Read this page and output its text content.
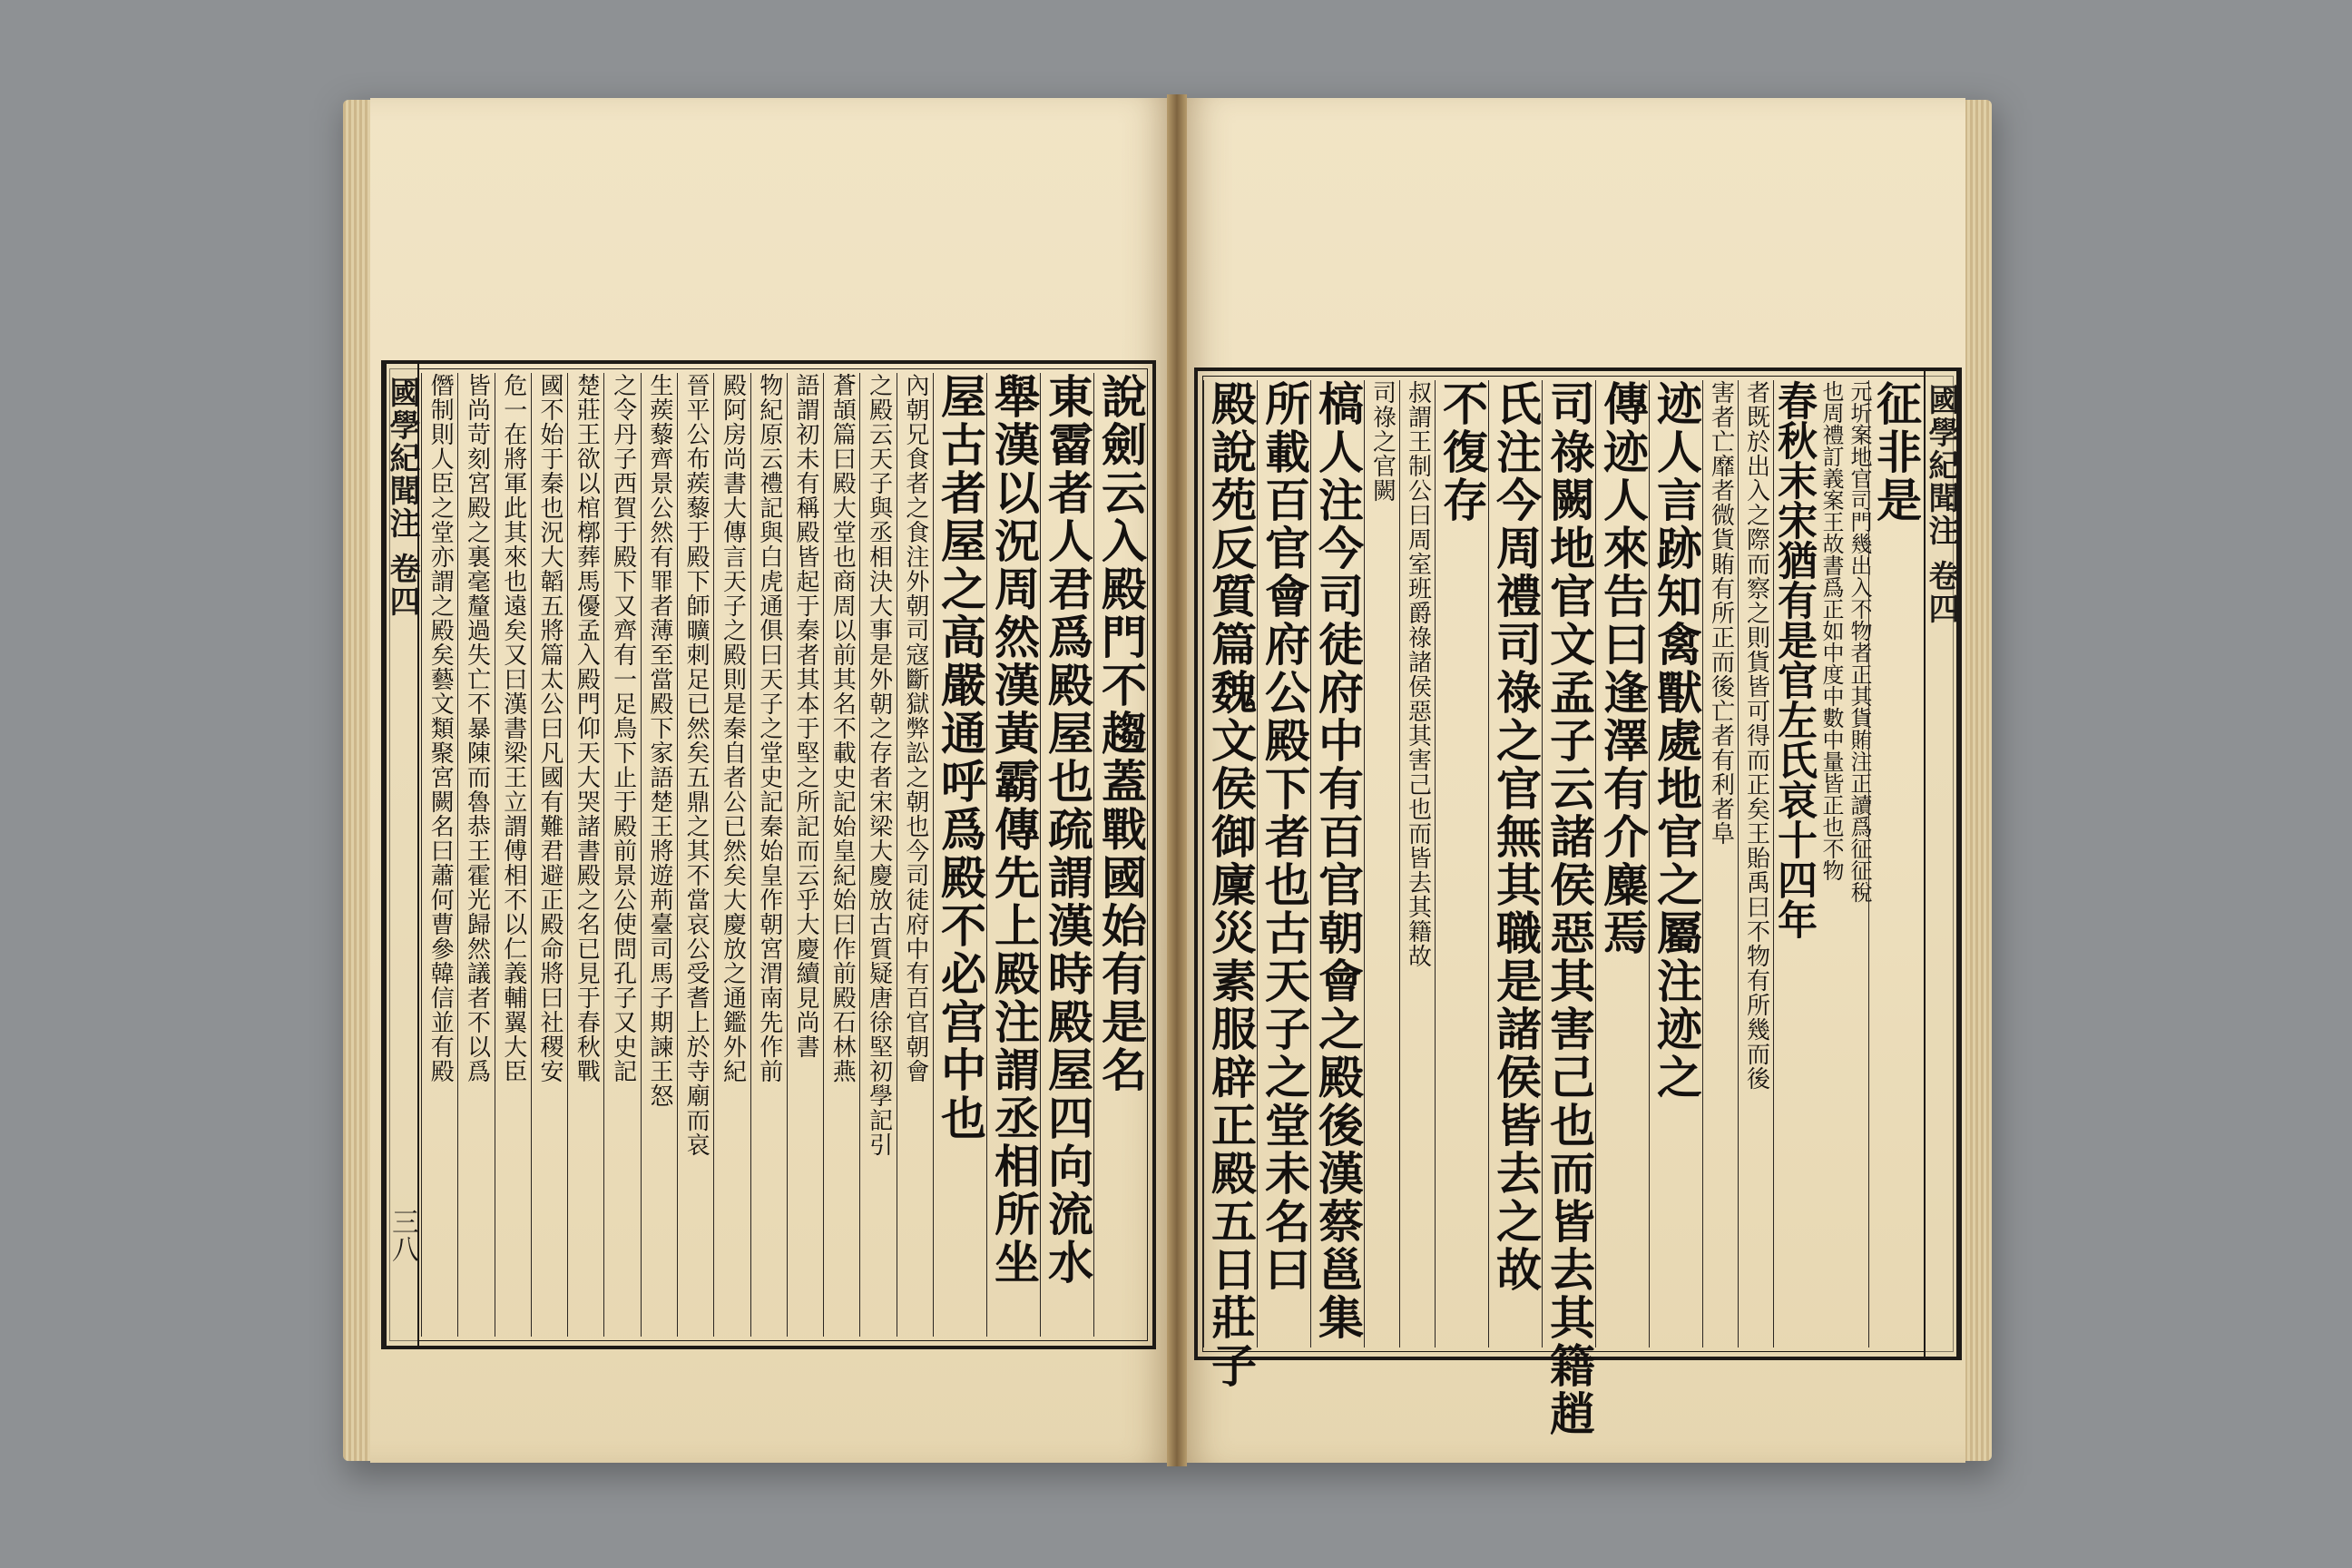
國學紀聞注 卷四
三八
說劍云入殿門不趨蓋戰國始有是名
東霤者人君爲殿屋也疏謂漢時殿屋四向流水
舉漢以況周然漢黃霸傳先上殿注謂丞相所坐
屋古者屋之高嚴通呼爲殿不必宫中也
內朝兄食者之食注外朝司寇斷獄弊訟之朝也今司徒府中有百官朝會
之殿云天子與丞相決大事是外朝之存者宋梁大慶放古質疑唐徐堅初學記引
蒼頡篇曰殿大堂也商周以前其名不載史記始皇紀始曰作前殿石林燕
語謂初未有稱殿皆起于秦者其本于堅之所記而云乎大慶續見尚書
物紀原云禮記與白虎通俱曰天子之堂史記秦始皇作朝宮渭南先作前
殿阿房尚書大傳言天子之殿則是秦自者公已然矣大慶放之通鑑外紀
晉平公布蒺藜于殿下師曠刺足已然矣五鼎之其不當哀公受耆上於寺廟而哀
生蒺藜齊景公然有罪者薄至當殿下家語楚王將遊荊臺司馬子期諫王怒
之令丹子西賀于殿下又齊有一足鳥下止于殿前景公使問孔子又史記
楚莊王欲以棺槨葬馬優孟入殿門仰天大哭諸書殿之名已見于春秋戰
國不始于秦也況大韜五將篇太公曰凡國有難君避正殿命將曰社稷安
危一在將軍此其來也遠矣又曰漢書梁王立謂傅相不以仁義輔翼大臣
皆尚苛刻宮殿之裏毫釐過失亡不暴陳而魯恭王霍光歸然議者不以爲
僭制則人臣之堂亦謂之殿矣藝文類聚宮闕名曰蕭何曹參韓信並有殿	國學紀聞注 卷四
征非是
元圻案地官司門幾出入不物者正其貨賄注正讀爲征征稅
也周禮訂義案王故書爲正如中度中數中量皆正也不物
春秋末宋猶有是官左氏哀十四年
者既於出入之際而察之則貨皆可得而正矣王貽禹曰不物有所幾而後
害者亡靡者微貨賄有所正而後亡者有利者阜
迹人言跡知禽獸處地官之屬注迹之
傳迹人來告曰逢澤有介麋焉
司祿闕地官文孟子云諸侯惡其害己也而皆去其籍趙
氏注今周禮司祿之官無其職是諸侯皆去之故
不復存
叔謂王制公曰周室班爵祿諸侯惡其害己也而皆去其籍故
司祿之官闕
槁人注今司徒府中有百官朝會之殿後漢蔡邕集
所載百官會府公殿下者也古天子之堂未名曰
殿說苑反質篇魏文侯御廩災素服辟正殿五日莊子
